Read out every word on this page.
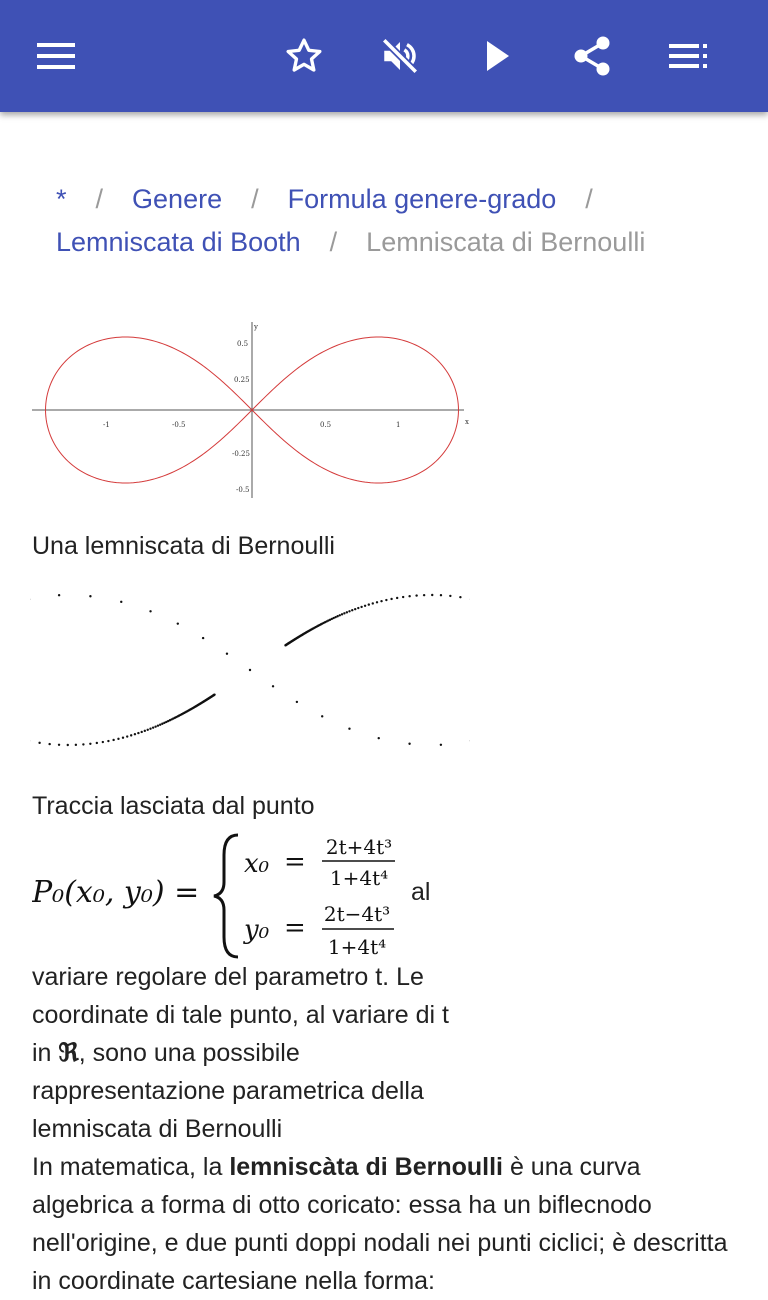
* / Genere / Formula genere-grado /
Lemniscata di Booth / Lemniscata di Bernoulli
x
y
-1	-0.5	0.5	1
0.5
0.25
-0.25
-0.5
Una lemniscata di Bernoulli
Traccia lasciata dal punto
P₀(x₀, y₀) =
x₀ = 2t+4t³
1+4t⁴
y₀ = 2t−4t³
1+4t⁴
al
variare regolare del parametro t. Le coordinate di tale punto, al variare di t in ℜ, sono una possibile rappresentazione parametrica della lemniscata di Bernoulli
In matematica, la lemniscàta di Bernoulli è una curva algebrica a forma di otto coricato: essa ha un biflecnodo nell'origine, e due punti doppi nodali nei punti ciclici; è descritta in coordinate cartesiane nella forma:
